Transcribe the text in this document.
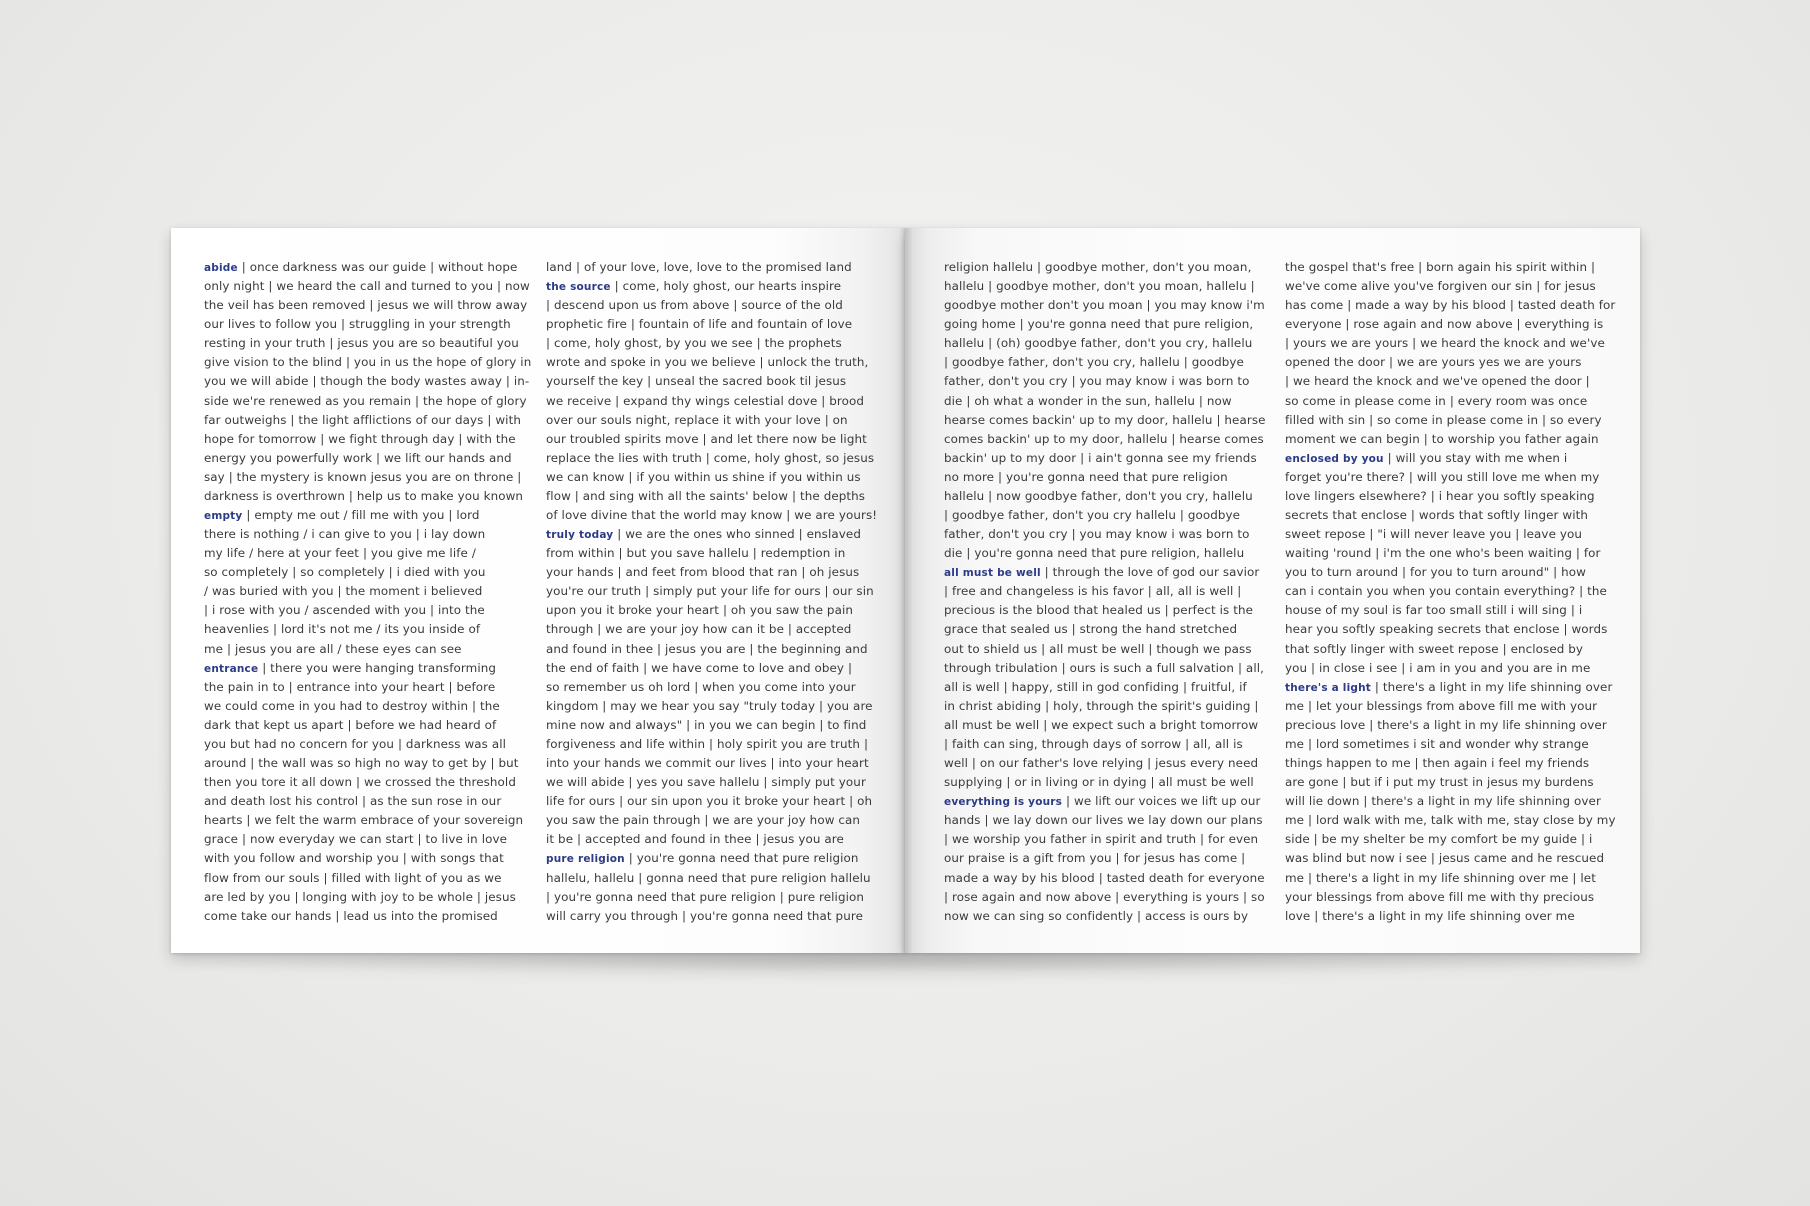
abide | once darkness was our guide | without hope
only night | we heard the call and turned to you | now
the veil has been removed | jesus we will throw away
our lives to follow you | struggling in your strength
resting in your truth | jesus you are so beautiful you
give vision to the blind | you in us the hope of glory in
you we will abide | though the body wastes away | in-
side we're renewed as you remain | the hope of glory
far outweighs | the light afflictions of our days | with
hope for tomorrow | we fight through day | with the
energy you powerfully work | we lift our hands and
say | the mystery is known jesus you are on throne |
darkness is overthrown | help us to make you known
empty | empty me out / fill me with you | lord
there is nothing / i can give to you | i lay down
my life / here at your feet | you give me life /
so completely | so completely | i died with you
/ was buried with you | the moment i believed
| i rose with you / ascended with you | into the
heavenlies | lord it's not me / its you inside of
me | jesus you are all / these eyes can see
entrance | there you were hanging transforming
the pain in to | entrance into your heart | before
we could come in you had to destroy within | the
dark that kept us apart | before we had heard of
you but had no concern for you | darkness was all
around | the wall was so high no way to get by | but
then you tore it all down | we crossed the threshold
and death lost his control | as the sun rose in our
hearts | we felt the warm embrace of your sovereign
grace | now everyday we can start | to live in love
with you follow and worship you | with songs that
flow from our souls | filled with light of you as we
are led by you | longing with joy to be whole | jesus
come take our hands | lead us into the promised
land | of your love, love, love to the promised land
the source | come, holy ghost, our hearts inspire
| descend upon us from above | source of the old
prophetic fire | fountain of life and fountain of love
| come, holy ghost, by you we see | the prophets
wrote and spoke in you we believe | unlock the truth,
yourself the key | unseal the sacred book til jesus
we receive | expand thy wings celestial dove | brood
over our souls night, replace it with your love | on
our troubled spirits move | and let there now be light
replace the lies with truth | come, holy ghost, so jesus
we can know | if you within us shine if you within us
flow | and sing with all the saints' below | the depths
of love divine that the world may know | we are yours!
truly today | we are the ones who sinned | enslaved
from within | but you save hallelu | redemption in
your hands | and feet from blood that ran | oh jesus
you're our truth | simply put your life for ours | our sin
upon you it broke your heart | oh you saw the pain
through | we are your joy how can it be | accepted
and found in thee | jesus you are | the beginning and
the end of faith | we have come to love and obey |
so remember us oh lord | when you come into your
kingdom | may we hear you say "truly today | you are
mine now and always" | in you we can begin | to find
forgiveness and life within | holy spirit you are truth |
into your hands we commit our lives | into your heart
we will abide | yes you save hallelu | simply put your
life for ours | our sin upon you it broke your heart | oh
you saw the pain through | we are your joy how can
it be | accepted and found in thee | jesus you are
pure religion | you're gonna need that pure religion
hallelu, hallelu | gonna need that pure religion hallelu
| you're gonna need that pure religion | pure religion
will carry you through | you're gonna need that pure
religion hallelu | goodbye mother, don't you moan,
hallelu | goodbye mother, don't you moan, hallelu |
goodbye mother don't you moan | you may know i'm
going home | you're gonna need that pure religion,
hallelu | (oh) goodbye father, don't you cry, hallelu
| goodbye father, don't you cry, hallelu | goodbye
father, don't you cry | you may know i was born to
die | oh what a wonder in the sun, hallelu | now
hearse comes backin' up to my door, hallelu | hearse
comes backin' up to my door, hallelu | hearse comes
backin' up to my door | i ain't gonna see my friends
no more | you're gonna need that pure religion
hallelu | now goodbye father, don't you cry, hallelu
| goodbye father, don't you cry hallelu | goodbye
father, don't you cry | you may know i was born to
die | you're gonna need that pure religion, hallelu
all must be well | through the love of god our savior
| free and changeless is his favor | all, all is well |
precious is the blood that healed us | perfect is the
grace that sealed us | strong the hand stretched
out to shield us | all must be well | though we pass
through tribulation | ours is such a full salvation | all,
all is well | happy, still in god confiding | fruitful, if
in christ abiding | holy, through the spirit's guiding |
all must be well | we expect such a bright tomorrow
| faith can sing, through days of sorrow | all, all is
well | on our father's love relying | jesus every need
supplying | or in living or in dying | all must be well
everything is yours | we lift our voices we lift up our
hands | we lay down our lives we lay down our plans
| we worship you father in spirit and truth | for even
our praise is a gift from you | for jesus has come |
made a way by his blood | tasted death for everyone
| rose again and now above | everything is yours | so
now we can sing so confidently | access is ours by
the gospel that's free | born again his spirit within |
we've come alive you've forgiven our sin | for jesus
has come | made a way by his blood | tasted death for
everyone | rose again and now above | everything is
| yours we are yours | we heard the knock and we've
opened the door | we are yours yes we are yours
| we heard the knock and we've opened the door |
so come in please come in | every room was once
filled with sin | so come in please come in | so every
moment we can begin | to worship you father again
enclosed by you | will you stay with me when i
forget you're there? | will you still love me when my
love lingers elsewhere? | i hear you softly speaking
secrets that enclose | words that softly linger with
sweet repose | "i will never leave you | leave you
waiting 'round | i'm the one who's been waiting | for
you to turn around | for you to turn around" | how
can i contain you when you contain everything? | the
house of my soul is far too small still i will sing | i
hear you softly speaking secrets that enclose | words
that softly linger with sweet repose | enclosed by
you | in close i see | i am in you and you are in me
there's a light | there's a light in my life shinning over
me | let your blessings from above fill me with your
precious love | there's a light in my life shinning over
me | lord sometimes i sit and wonder why strange
things happen to me | then again i feel my friends
are gone | but if i put my trust in jesus my burdens
will lie down | there's a light in my life shinning over
me | lord walk with me, talk with me, stay close by my
side | be my shelter be my comfort be my guide | i
was blind but now i see | jesus came and he rescued
me | there's a light in my life shinning over me | let
your blessings from above fill me with thy precious
love | there's a light in my life shinning over me
